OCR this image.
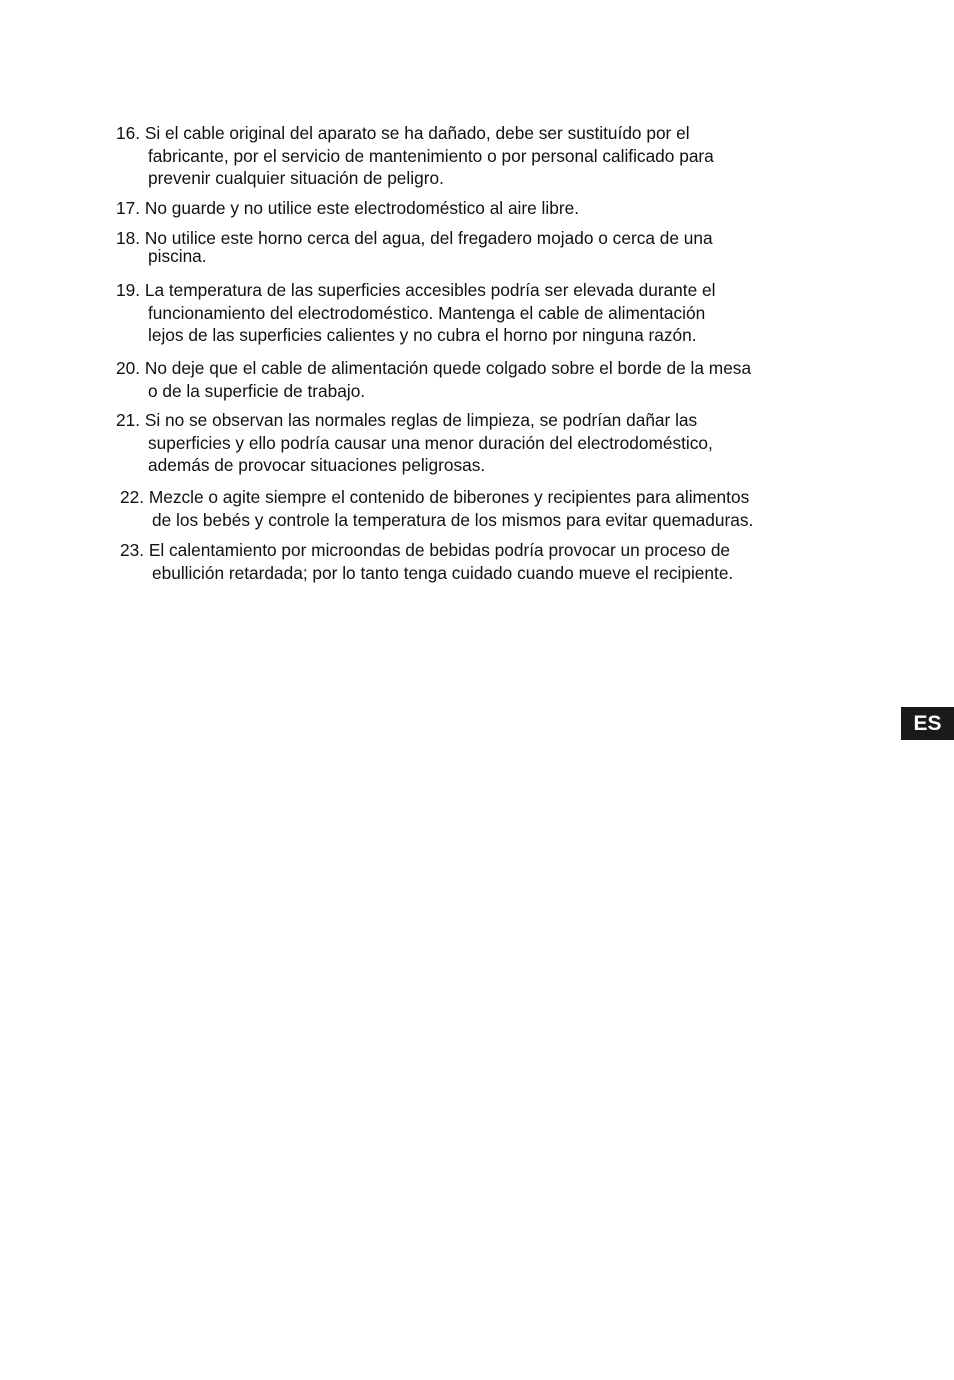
16. Si el cable original del aparato se ha dañado, debe ser sustituído por el
fabricante, por el servicio de mantenimiento o por personal calificado para
prevenir cualquier situación de peligro.
17. No guarde y no utilice este electrodoméstico al aire libre.
18. No utilice este horno cerca del agua, del fregadero mojado o cerca de una
piscina.
19. La temperatura de las superficies accesibles podría ser elevada durante el
funcionamiento del electrodoméstico. Mantenga el cable de alimentación
lejos de las superficies calientes y no cubra el horno por ninguna razón.
20. No deje que el cable de alimentación quede colgado sobre el borde de la mesa
o de la superficie de trabajo.
21. Si no se observan las normales reglas de limpieza, se podrían dañar las
superficies y ello podría causar una menor duración del electrodoméstico,
además de provocar situaciones peligrosas.
22. Mezcle o agite siempre el contenido de biberones y recipientes para alimentos
de los bebés y controle la temperatura de los mismos para evitar quemaduras.
23. El calentamiento por microondas de bebidas podría provocar un proceso de
ebullición retardada; por lo tanto tenga cuidado cuando mueve el recipiente.
ES
